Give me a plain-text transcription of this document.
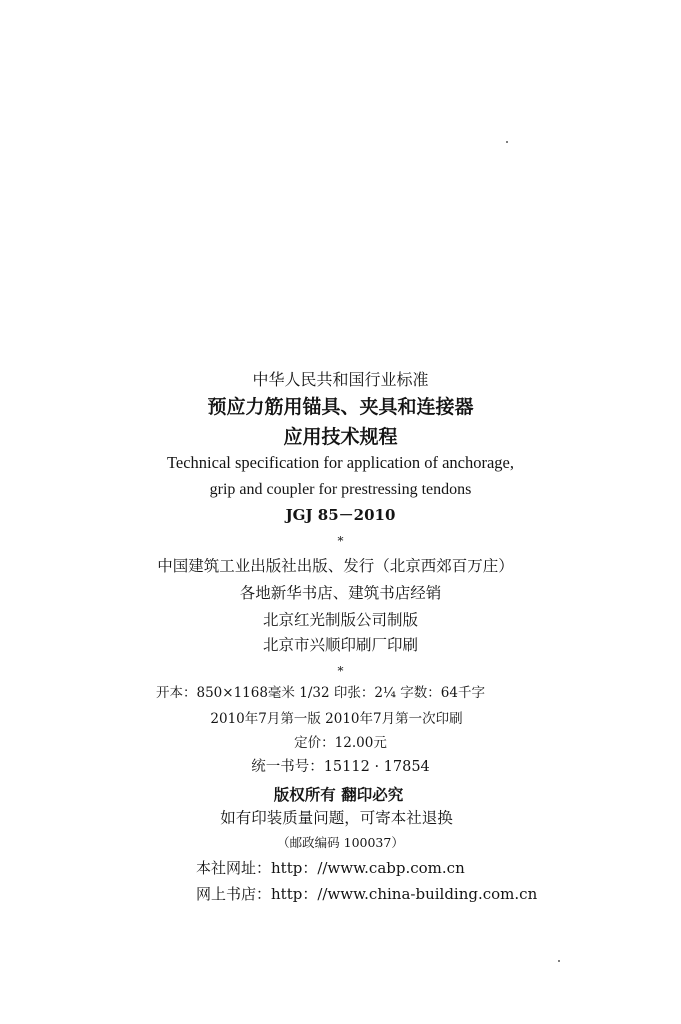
中华人民共和国行业标准
预应力筋用锚具、夹具和连接器
应用技术规程
Technical specification for application of anchorage,
grip and coupler for prestressing tendons
JGJ 85－2010
*
中国建筑工业出版社出版、发行（北京西郊百万庄）
各地新华书店、建筑书店经销
北京红光制版公司制版
北京市兴顺印刷厂印刷
*
开本：850×1168毫米 1/32 印张：2¼ 字数：64千字
2010年7月第一版 2010年7月第一次印刷
定价：12.00元
统一书号：15112 · 17854
版权所有 翻印必究
如有印装质量问题，可寄本社退换
（邮政编码 100037）
本社网址：http：//www.cabp.com.cn
网上书店：http：//www.china-building.com.cn
